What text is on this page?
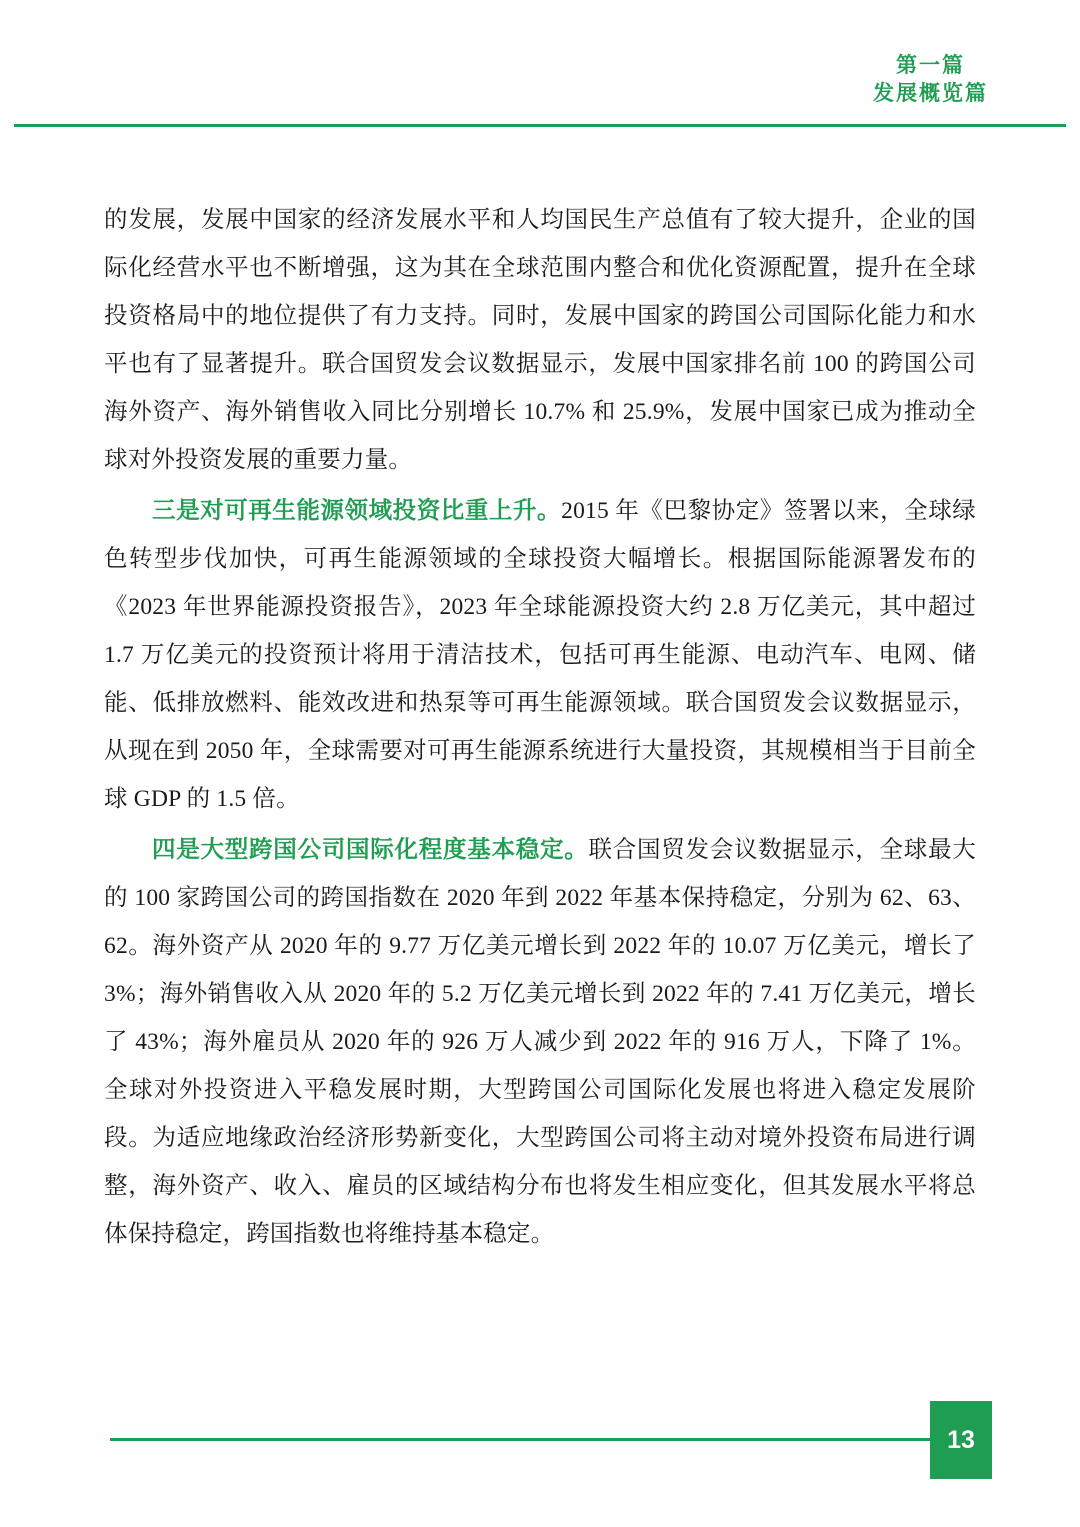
第一篇
发展概览篇

的发展，发展中国家的经济发展水平和人均国民生产总值有了较大提升，企业的国际化经营水平也不断增强，这为其在全球范围内整合和优化资源配置，提升在全球投资格局中的地位提供了有力支持。同时，发展中国家的跨国公司国际化能力和水平也有了显著提升。联合国贸发会议数据显示，发展中国家排名前 100 的跨国公司海外资产、海外销售收入同比分别增长 10.7% 和 25.9%，发展中国家已成为推动全球对外投资发展的重要力量。

三是对可再生能源领域投资比重上升。2015 年《巴黎协定》签署以来，全球绿色转型步伐加快，可再生能源领域的全球投资大幅增长。根据国际能源署发布的《2023 年世界能源投资报告》，2023 年全球能源投资大约 2.8 万亿美元，其中超过 1.7 万亿美元的投资预计将用于清洁技术，包括可再生能源、电动汽车、电网、储能、低排放燃料、能效改进和热泵等可再生能源领域。联合国贸发会议数据显示，从现在到 2050 年，全球需要对可再生能源系统进行大量投资，其规模相当于目前全球 GDP 的 1.5 倍。

四是大型跨国公司国际化程度基本稳定。联合国贸发会议数据显示，全球最大的 100 家跨国公司的跨国指数在 2020 年到 2022 年基本保持稳定，分别为 62、63、62。海外资产从 2020 年的 9.77 万亿美元增长到 2022 年的 10.07 万亿美元，增长了 3%；海外销售收入从 2020 年的 5.2 万亿美元增长到 2022 年的 7.41 万亿美元，增长了 43%；海外雇员从 2020 年的 926 万人减少到 2022 年的 916 万人，下降了 1%。全球对外投资进入平稳发展时期，大型跨国公司国际化发展也将进入稳定发展阶段。为适应地缘政治经济形势新变化，大型跨国公司将主动对境外投资布局进行调整，海外资产、收入、雇员的区域结构分布也将发生相应变化，但其发展水平将总体保持稳定，跨国指数也将维持基本稳定。

13
